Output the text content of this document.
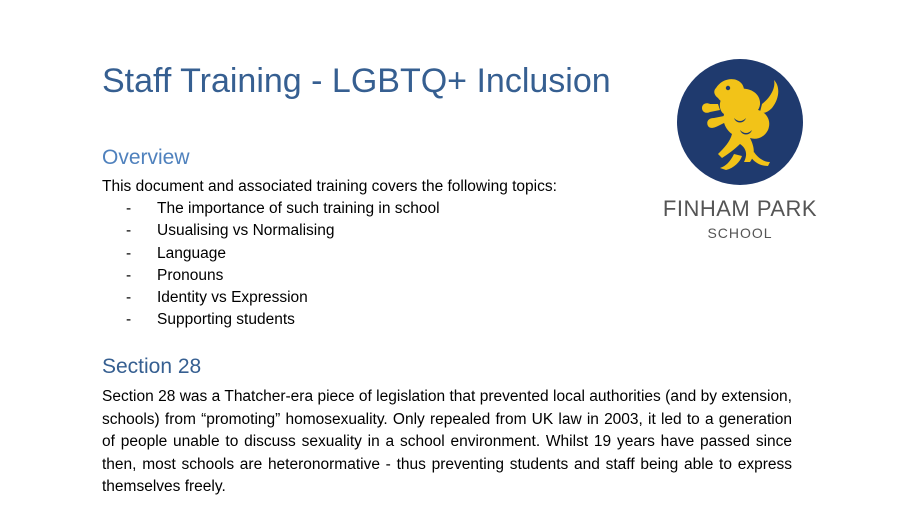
Staff Training - LGBTQ+ Inclusion
FINHAM PARK
SCHOOL
Overview

This document and associated training covers the following topics:

-	The importance of such training in school
-	Usualising vs Normalising
-	Language
-	Pronouns
-	Identity vs Expression
-	Supporting students
Section 28

Section 28 was a Thatcher-era piece of legislation that prevented local authorities (and by extension, schools) from “promoting” homosexuality. Only repealed from UK law in 2003, it led to a generation of people unable to discuss sexuality in a school environment. Whilst 19 years have passed since then, most schools are heteronormative - thus preventing students and staff being able to express themselves freely.
